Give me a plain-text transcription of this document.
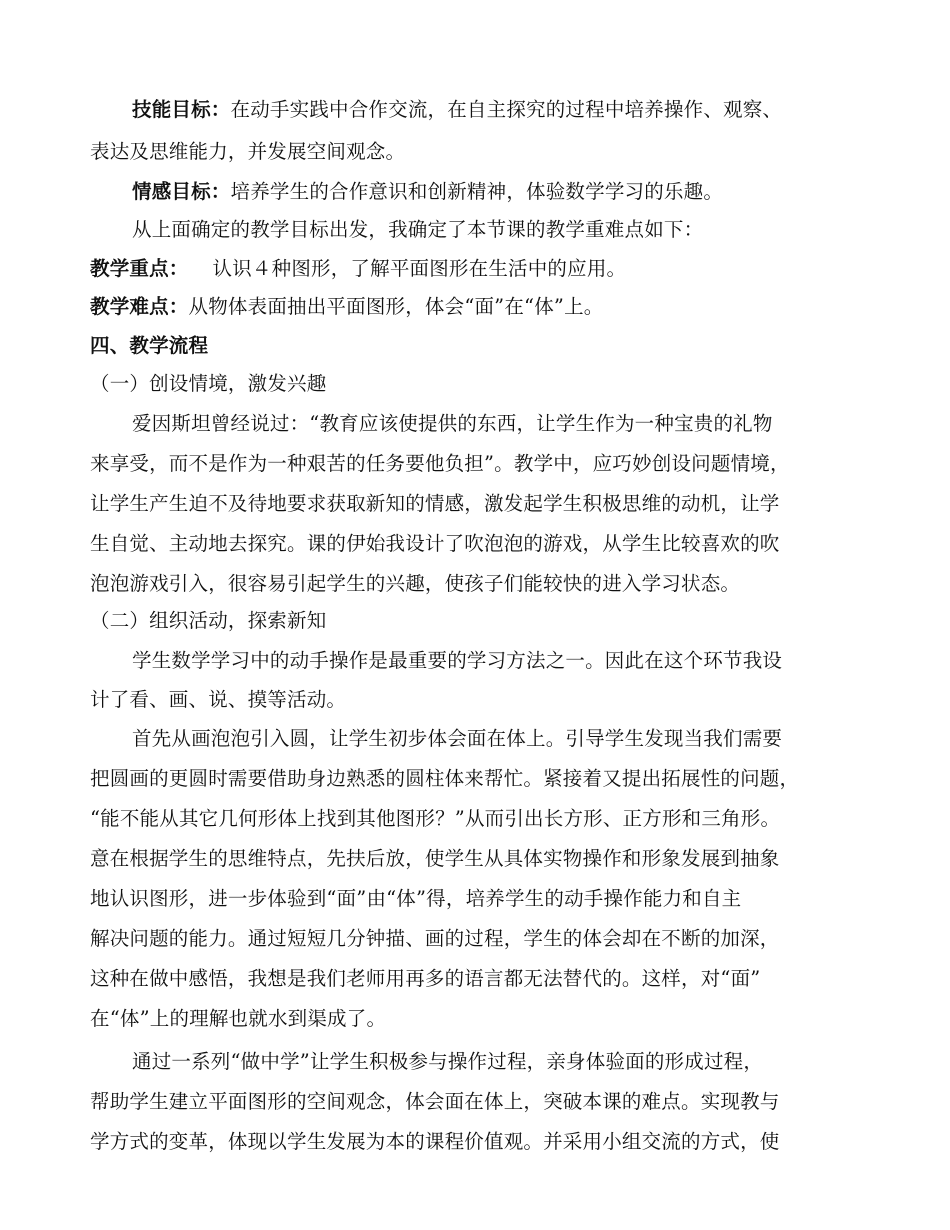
技能目标：在动手实践中合作交流，在自主探究的过程中培养操作、观察、
表达及思维能力，并发展空间观念。
情感目标：培养学生的合作意识和创新精神，体验数学学习的乐趣。
从上面确定的教学目标出发，我确定了本节课的教学重难点如下：
教学重点： 认识４种图形，了解平面图形在生活中的应用。
教学难点：从物体表面抽出平面图形，体会“面”在“体”上。
四、教学流程
（一）创设情境，激发兴趣
爱因斯坦曾经说过：“教育应该使提供的东西，让学生作为一种宝贵的礼物
来享受，而不是作为一种艰苦的任务要他负担”。教学中，应巧妙创设问题情境，
让学生产生迫不及待地要求获取新知的情感，激发起学生积极思维的动机，让学
生自觉、主动地去探究。课的伊始我设计了吹泡泡的游戏，从学生比较喜欢的吹
泡泡游戏引入，很容易引起学生的兴趣，使孩子们能较快的进入学习状态。
（二）组织活动，探索新知
学生数学学习中的动手操作是最重要的学习方法之一。因此在这个环节我设
计了看、画、说、摸等活动。
首先从画泡泡引入圆，让学生初步体会面在体上。引导学生发现当我们需要
把圆画的更圆时需要借助身边熟悉的圆柱体来帮忙。紧接着又提出拓展性的问题，
“能不能从其它几何形体上找到其他图形？”从而引出长方形、正方形和三角形。
意在根据学生的思维特点，先扶后放，使学生从具体实物操作和形象发展到抽象
地认识图形，进一步体验到“面”由“体”得，培养学生的动手操作能力和自主
解决问题的能力。通过短短几分钟描、画的过程，学生的体会却在不断的加深，
这种在做中感悟，我想是我们老师用再多的语言都无法替代的。这样，对“面”
在“体”上的理解也就水到渠成了。
通过一系列“做中学”让学生积极参与操作过程，亲身体验面的形成过程，
帮助学生建立平面图形的空间观念，体会面在体上，突破本课的难点。实现教与
学方式的变革，体现以学生发展为本的课程价值观。并采用小组交流的方式，使
